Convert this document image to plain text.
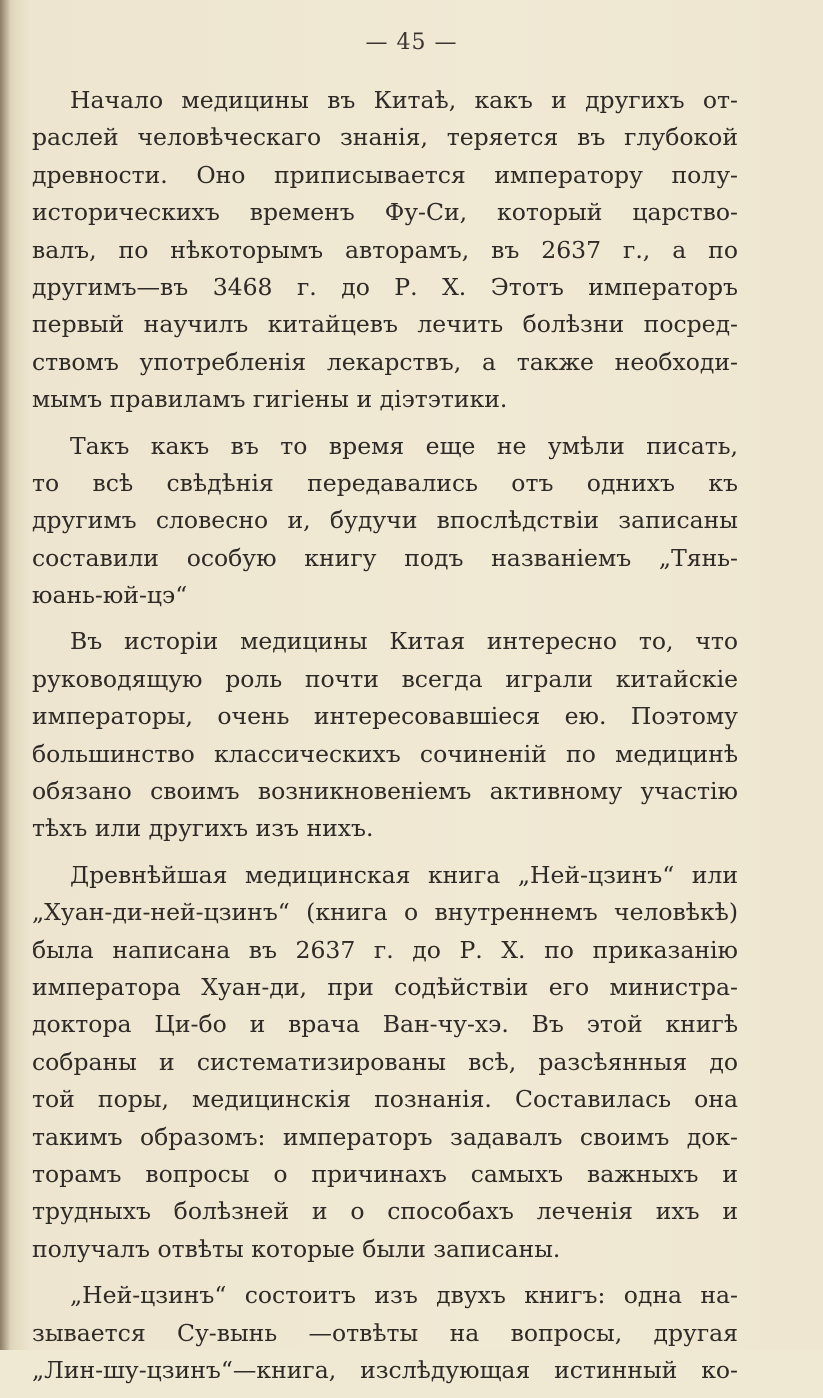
— 45 —
Начало медицины въ Китаѣ, какъ и другихъ от-
раслей человѣческаго знанія, теряется въ глубокой
древности. Оно приписывается императору полу-
историческихъ временъ Фу-Си, который царство-
валъ, по нѣкоторымъ авторамъ, въ 2637 г., а по
другимъ—въ 3468 г. до Р. Х. Этотъ императоръ
первый научилъ китайцевъ лечить болѣзни посред-
ствомъ употребленія лекарствъ, а также необходи-
мымъ правиламъ гигіены и діэтэтики.
Такъ какъ въ то время еще не умѣли писать,
то всѣ свѣдѣнія передавались отъ однихъ къ
другимъ словесно и, будучи впослѣдствіи записаны
составили особую книгу подъ названіемъ „Тянь-
юань-юй-цэ“
Въ исторіи медицины Китая интересно то, что
руководящую роль почти всегда играли китайскіе
императоры, очень интересовавшіеся ею. Поэтому
большинство классическихъ сочиненій по медицинѣ
обязано своимъ возникновеніемъ активному участію
тѣхъ или другихъ изъ нихъ.
Древнѣйшая медицинская книга „Ней-цзинъ“ или
„Хуан-ди-ней-цзинъ“ (книга о внутреннемъ человѣкѣ)
была написана въ 2637 г. до Р. Х. по приказанію
императора Хуан-ди, при содѣйствіи его министра-
доктора Ци-бо и врача Ван-чу-хэ. Въ этой книгѣ
собраны и систематизированы всѣ, разсѣянныя до
той поры, медицинскія познанія. Составилась она
такимъ образомъ: императоръ задавалъ своимъ док-
торамъ вопросы о причинахъ самыхъ важныхъ и
трудныхъ болѣзней и о способахъ леченія ихъ и
получалъ отвѣты которые были записаны.
„Ней-цзинъ“ состоитъ изъ двухъ книгъ: одна на-
зывается Су-вынь —отвѣты на вопросы, другая
„Лин-шу-цзинъ“—книга, изслѣдующая истинный ко-
